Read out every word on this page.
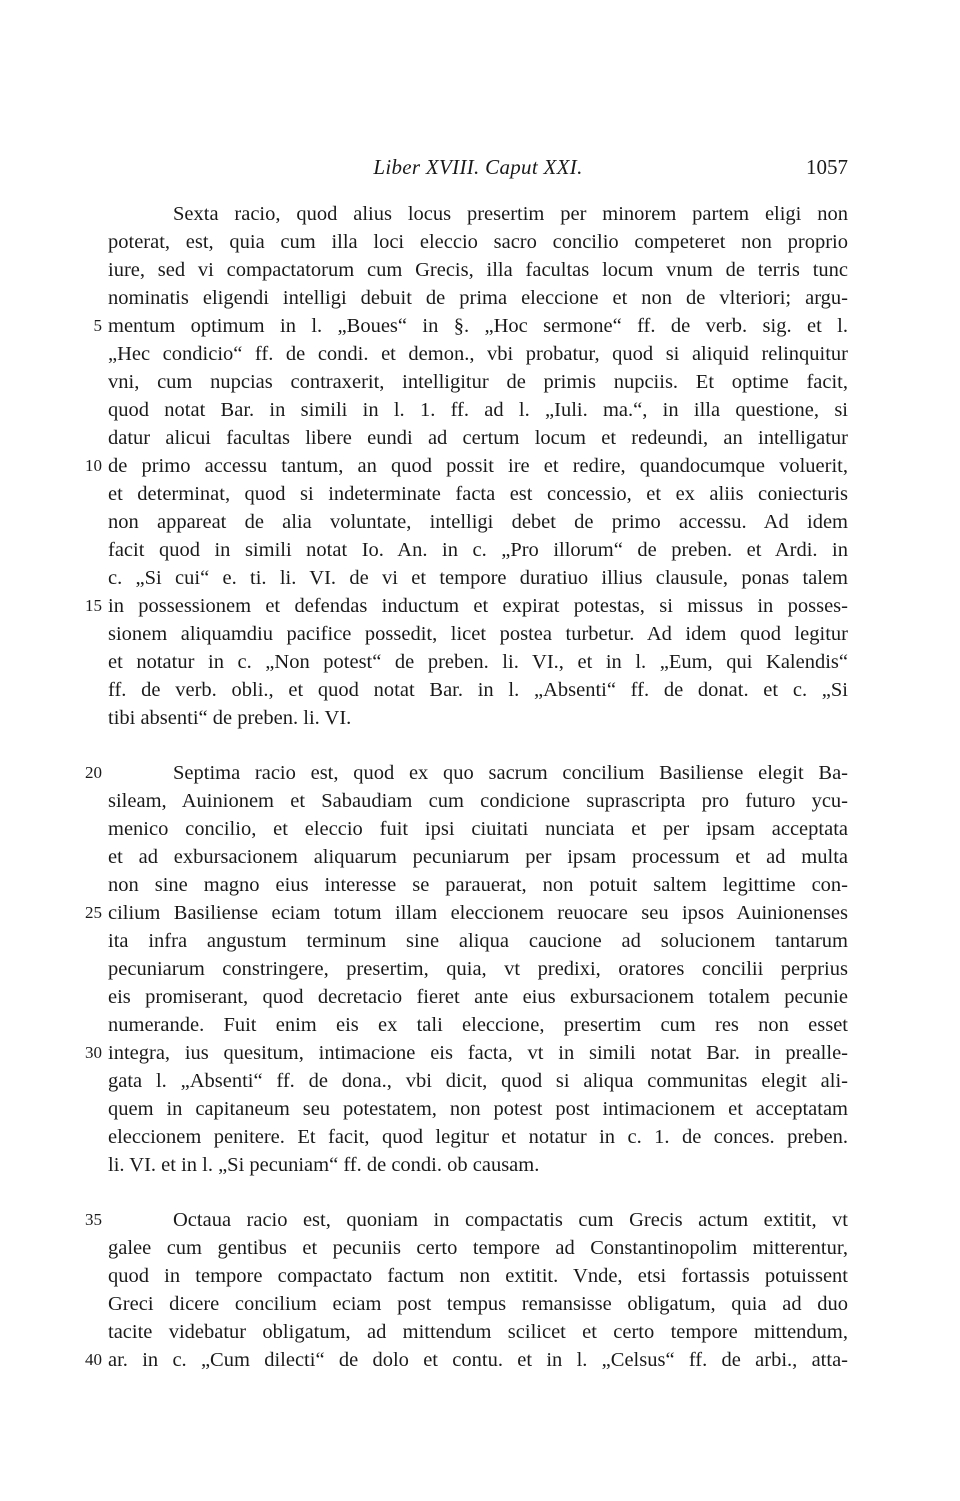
Liber XVIII. Caput XXI.	1057
Sexta racio, quod alius locus presertim per minorem partem eligi non
poterat, est, quia cum illa loci eleccio sacro concilio competeret non proprio
iure, sed vi compactatorum cum Grecis, illa facultas locum vnum de terris tunc
nominatis eligendi intelligi debuit de prima eleccione et non de vlteriori; argu-
mentum optimum in l. „Boues“ in §. „Hoc sermone“ ff. de verb. sig. et l.
„Hec condicio“ ff. de condi. et demon., vbi probatur, quod si aliquid relinquitur
vni, cum nupcias contraxerit, intelligitur de primis nupciis. Et optime facit,
quod notat Bar. in simili in l. 1. ff. ad l. „Iuli. ma.“, in illa questione, si
datur alicui facultas libere eundi ad certum locum et redeundi, an intelligatur
de primo accessu tantum, an quod possit ire et redire, quandocumque voluerit,
et determinat, quod si indeterminate facta est concessio, et ex aliis coniecturis
non appareat de alia voluntate, intelligi debet de primo accessu. Ad idem
facit quod in simili notat Io. An. in c. „Pro illorum“ de preben. et Ardi. in
c. „Si cui“ e. ti. li. VI. de vi et tempore duratiuo illius clausule, ponas talem
in possessionem et defendas inductum et expirat potestas, si missus in posses-
sionem aliquamdiu pacifice possedit, licet postea turbetur. Ad idem quod legitur
et notatur in c. „Non potest“ de preben. li. VI., et in l. „Eum, qui Kalendis“
ff. de verb. obli., et quod notat Bar. in l. „Absenti“ ff. de donat. et c. „Si
tibi absenti“ de preben. li. VI.
Septima racio est, quod ex quo sacrum concilium Basiliense elegit Ba-
sileam, Auinionem et Sabaudiam cum condicione suprascripta pro futuro ycu-
menico concilio, et eleccio fuit ipsi ciuitati nunciata et per ipsam acceptata
et ad exbursacionem aliquarum pecuniarum per ipsam processum et ad multa
non sine magno eius interesse se parauerat, non potuit saltem legittime con-
cilium Basiliense eciam totum illam eleccionem reuocare seu ipsos Auinionenses
ita infra angustum terminum sine aliqua caucione ad solucionem tantarum
pecuniarum constringere, presertim, quia, vt predixi, oratores concilii perprius
eis promiserant, quod decretacio fieret ante eius exbursacionem totalem pecunie
numerande. Fuit enim eis ex tali eleccione, presertim cum res non esset
integra, ius quesitum, intimacione eis facta, vt in simili notat Bar. in prealle-
gata l. „Absenti“ ff. de dona., vbi dicit, quod si aliqua communitas elegit ali-
quem in capitaneum seu potestatem, non potest post intimacionem et acceptatam
eleccionem penitere. Et facit, quod legitur et notatur in c. 1. de conces. preben.
li. VI. et in l. „Si pecuniam“ ff. de condi. ob causam.
Octaua racio est, quoniam in compactatis cum Grecis actum extitit, vt
galee cum gentibus et pecuniis certo tempore ad Constantinopolim mitterentur,
quod in tempore compactato factum non extitit. Vnde, etsi fortassis potuissent
Greci dicere concilium eciam post tempus remansisse obligatum, quia ad duo
tacite videbatur obligatum, ad mittendum scilicet et certo tempore mittendum,
ar. in c. „Cum dilecti“ de dolo et contu. et in l. „Celsus“ ff. de arbi., atta-
5
10
15
20
25
30
35
40
